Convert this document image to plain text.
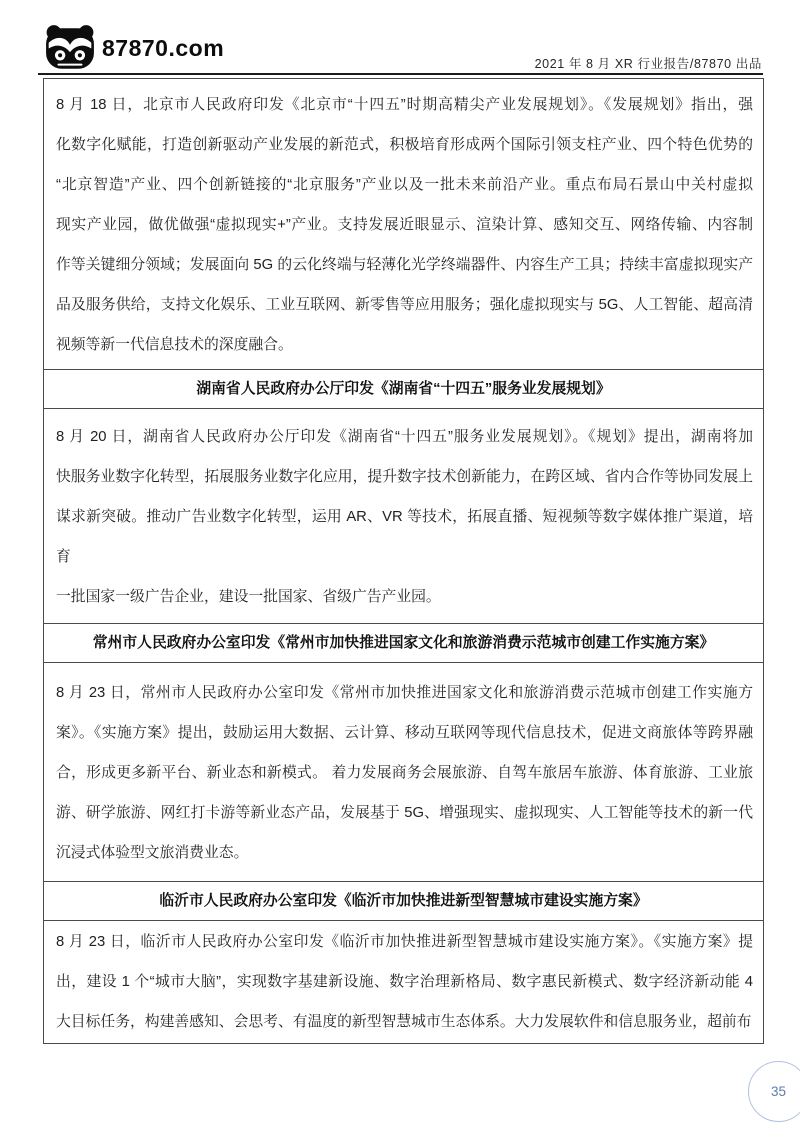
87870.com
2021 年 8 月 XR 行业报告/87870 出品
8 月 18 日，北京市人民政府印发《北京市“十四五”时期高精尖产业发展规划》。《发展规划》指出，强
化数字化赋能，打造创新驱动产业发展的新范式，积极培育形成两个国际引领支柱产业、四个特色优势的
“北京智造”产业、四个创新链接的“北京服务”产业以及一批未来前沿产业。重点布局石景山中关村虚拟
现实产业园，做优做强“虚拟现实+”产业。支持发展近眼显示、渲染计算、感知交互、网络传输、内容制
作等关键细分领域；发展面向 5G 的云化终端与轻薄化光学终端器件、内容生产工具；持续丰富虚拟现实产
品及服务供给，支持文化娱乐、工业互联网、新零售等应用服务；强化虚拟现实与 5G、人工智能、超高清
视频等新一代信息技术的深度融合。
湖南省人民政府办公厅印发《湖南省“十四五”服务业发展规划》
8 月 20 日，湖南省人民政府办公厅印发《湖南省“十四五”服务业发展规划》。《规划》提出，湖南将加
快服务业数字化转型，拓展服务业数字化应用，提升数字技术创新能力，在跨区域、省内合作等协同发展上
谋求新突破。推动广告业数字化转型，运用 AR、VR 等技术，拓展直播、短视频等数字媒体推广渠道，培育
一批国家一级广告企业，建设一批国家、省级广告产业园。
常州市人民政府办公室印发《常州市加快推进国家文化和旅游消费示范城市创建工作实施方案》
8 月 23 日，常州市人民政府办公室印发《常州市加快推进国家文化和旅游消费示范城市创建工作实施方
案》。《实施方案》提出，鼓励运用大数据、云计算、移动互联网等现代信息技术，促进文商旅体等跨界融
合，形成更多新平台、新业态和新模式。 着力发展商务会展旅游、自驾车旅居车旅游、体育旅游、工业旅
游、研学旅游、网红打卡游等新业态产品，发展基于 5G、增强现实、虚拟现实、人工智能等技术的新一代
沉浸式体验型文旅消费业态。
临沂市人民政府办公室印发《临沂市加快推进新型智慧城市建设实施方案》
8 月 23 日，临沂市人民政府办公室印发《临沂市加快推进新型智慧城市建设实施方案》。《实施方案》提
出，建设 1 个“城市大脑”，实现数字基建新设施、数字治理新格局、数字惠民新模式、数字经济新动能 4
大目标任务，构建善感知、会思考、有温度的新型智慧城市生态体系。大力发展软件和信息服务业，超前布
35
